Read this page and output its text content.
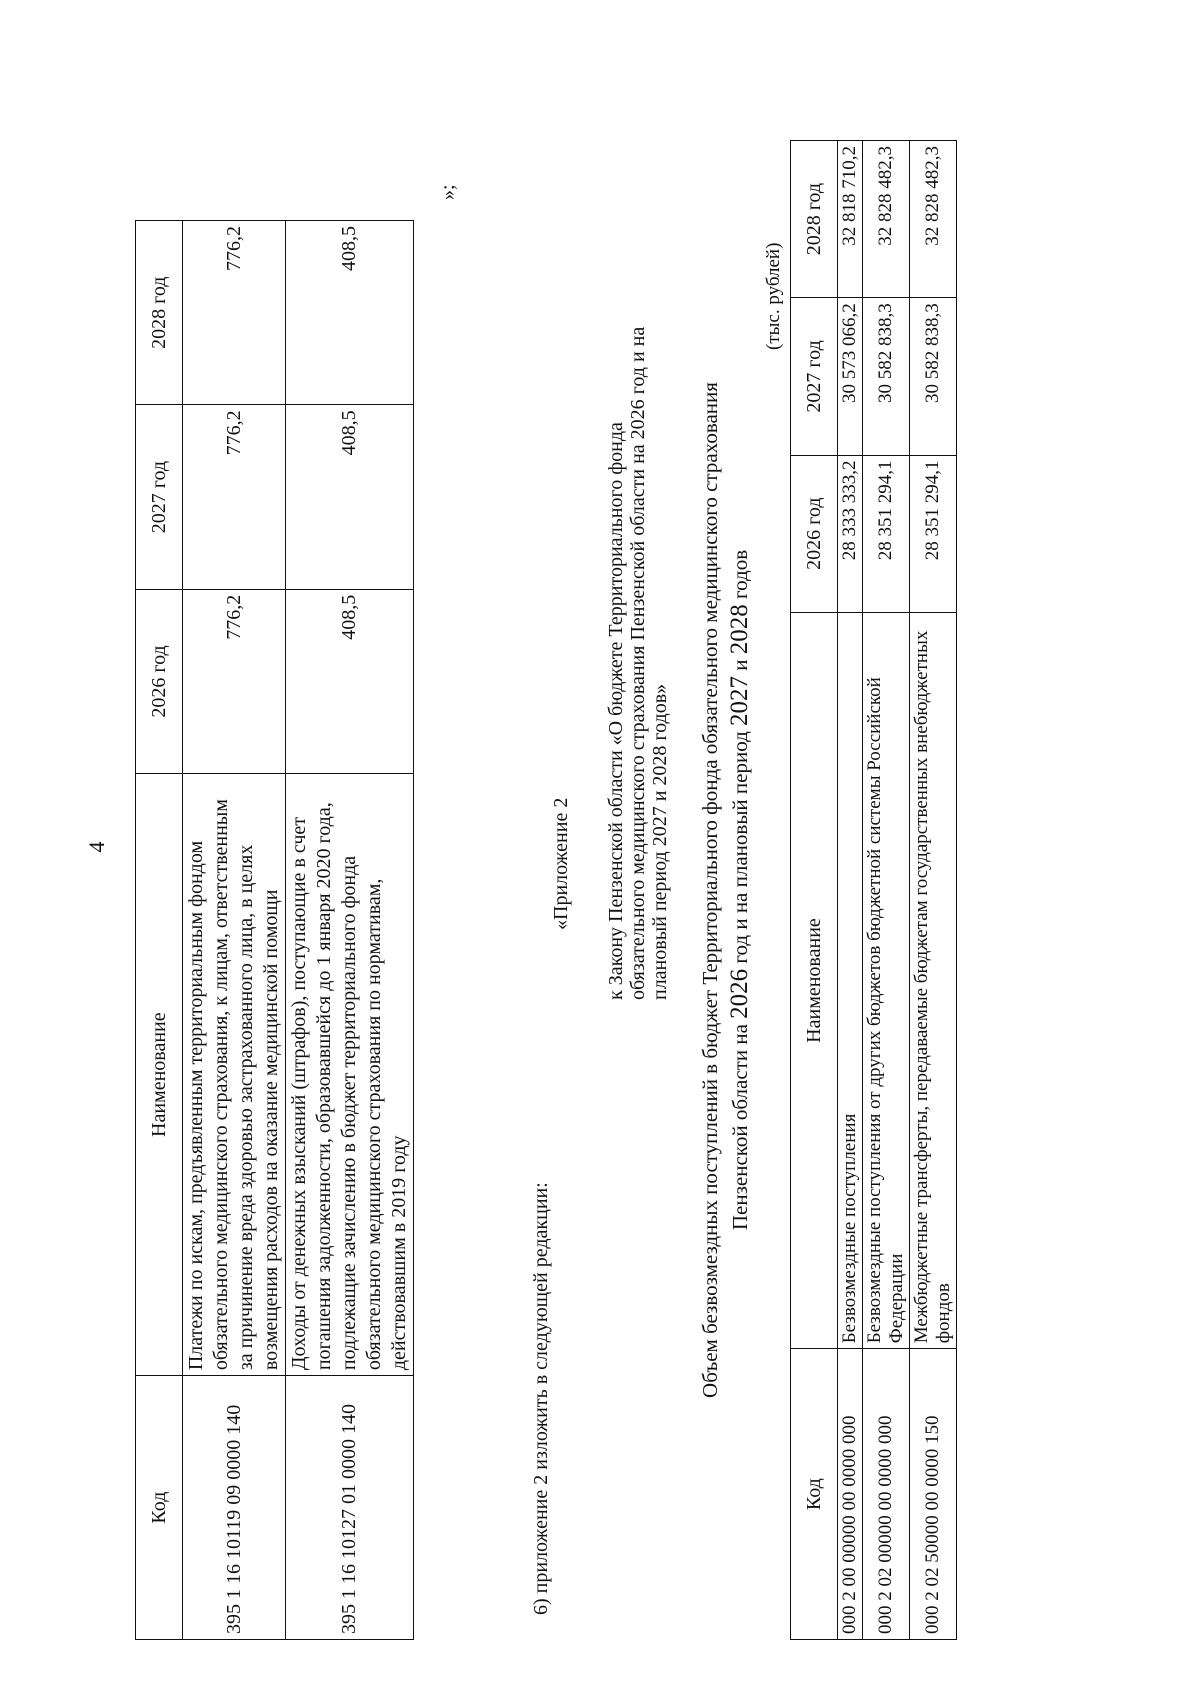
4
Код	Наименование	2026 год	2027 год	2028 год
395 1 16 10119 09 0000 140	Платежи по искам, предъявленным территориальным фондом обязательного медицинского страхования, к лицам, ответственным за причинение вреда здоровью застрахованного лица, в целях возмещения расходов на оказание медицинской помощи	776,2	776,2	776,2
395 1 16 10127 01 0000 140	Доходы от денежных взысканий (штрафов), поступающие в счет погашения задолженности, образовавшейся до 1 января 2020 года, подлежащие зачислению в бюджет территориального фонда обязательного медицинского страхования по нормативам, действовавшим в 2019 году	408,5	408,5	408,5
»;
6) приложение 2 изложить в следующей редакции:
«Приложение 2 к Закону Пензенской области «О бюджете Территориального фонда обязательного медицинского страхования Пензенской области на 2026 год и на плановый период 2027 и 2028 годов» Объем безвозмездных поступлений в бюджет Территориального фонда обязательного медицинского страхования Пензенской области на 2026 год и на плановый период 2027 и 2028 годов
(тыс. рублей)
Код	Наименование	2026 год	2027 год	2028 год
000 2 00 00000 00 0000 000	Безвозмездные поступления	28 333 333,2	30 573 066,2	32 818 710,2
000 2 02 00000 00 0000 000	Безвозмездные поступления от других бюджетов бюджетной системы Российской Федерации	28 351 294,1	30 582 838,3	32 828 482,3
000 2 02 50000 00 0000 150	Межбюджетные трансферты, передаваемые бюджетам государственных внебюджетных фондов	28 351 294,1	30 582 838,3	32 828 482,3
